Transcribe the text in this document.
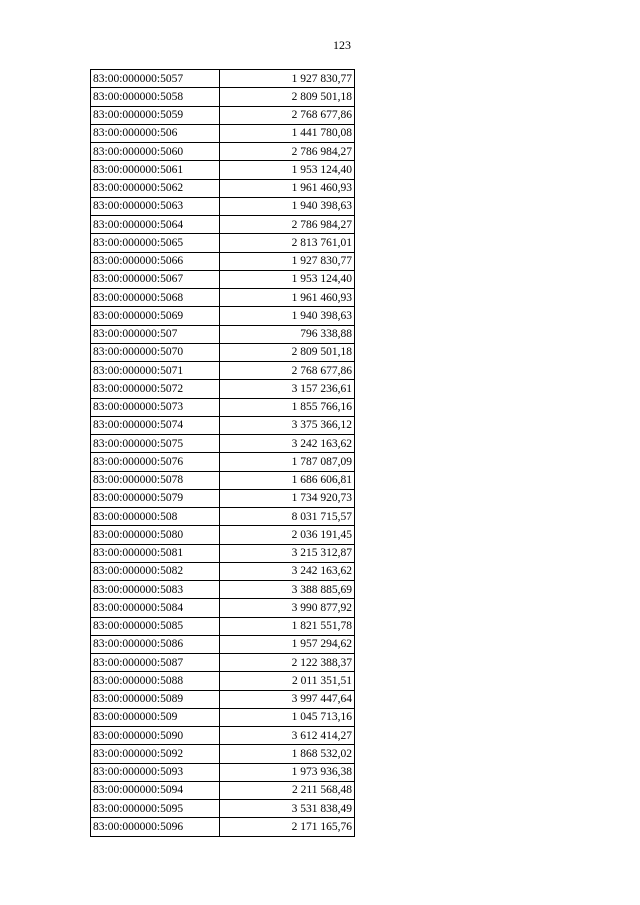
123
83:00:000000:5057	1 927 830,77
83:00:000000:5058	2 809 501,18
83:00:000000:5059	2 768 677,86
83:00:000000:506	1 441 780,08
83:00:000000:5060	2 786 984,27
83:00:000000:5061	1 953 124,40
83:00:000000:5062	1 961 460,93
83:00:000000:5063	1 940 398,63
83:00:000000:5064	2 786 984,27
83:00:000000:5065	2 813 761,01
83:00:000000:5066	1 927 830,77
83:00:000000:5067	1 953 124,40
83:00:000000:5068	1 961 460,93
83:00:000000:5069	1 940 398,63
83:00:000000:507	796 338,88
83:00:000000:5070	2 809 501,18
83:00:000000:5071	2 768 677,86
83:00:000000:5072	3 157 236,61
83:00:000000:5073	1 855 766,16
83:00:000000:5074	3 375 366,12
83:00:000000:5075	3 242 163,62
83:00:000000:5076	1 787 087,09
83:00:000000:5078	1 686 606,81
83:00:000000:5079	1 734 920,73
83:00:000000:508	8 031 715,57
83:00:000000:5080	2 036 191,45
83:00:000000:5081	3 215 312,87
83:00:000000:5082	3 242 163,62
83:00:000000:5083	3 388 885,69
83:00:000000:5084	3 990 877,92
83:00:000000:5085	1 821 551,78
83:00:000000:5086	1 957 294,62
83:00:000000:5087	2 122 388,37
83:00:000000:5088	2 011 351,51
83:00:000000:5089	3 997 447,64
83:00:000000:509	1 045 713,16
83:00:000000:5090	3 612 414,27
83:00:000000:5092	1 868 532,02
83:00:000000:5093	1 973 936,38
83:00:000000:5094	2 211 568,48
83:00:000000:5095	3 531 838,49
83:00:000000:5096	2 171 165,76
